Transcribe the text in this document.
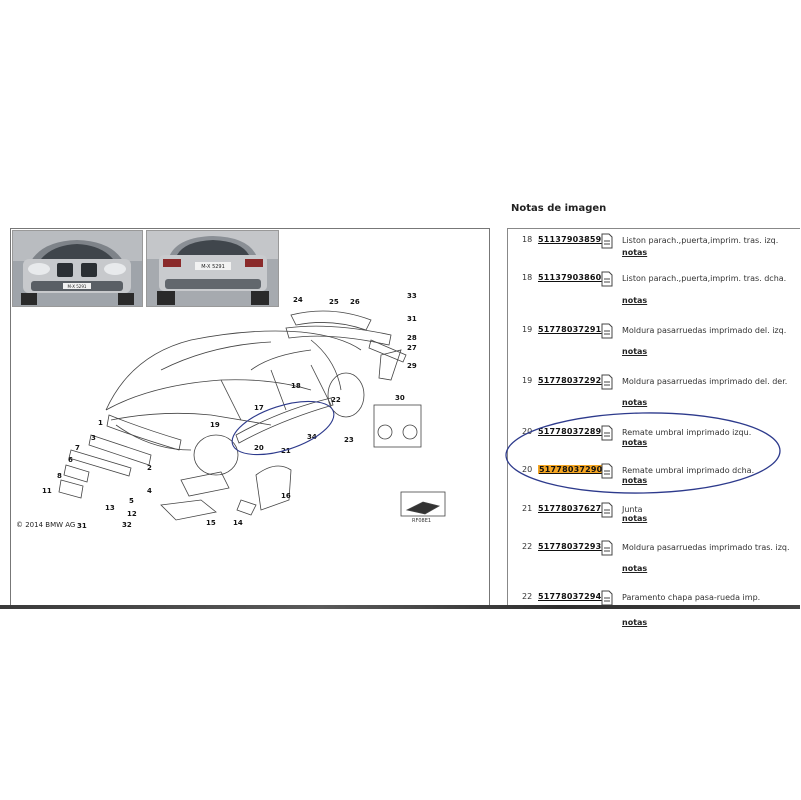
Notas de imagen
M-X 5291
M-X 5291
1
2
3
4
5
6
7
8
11
12
13
14
15
16
17
18
19
20 21
22
23
24	25 26
27
28
29
30
31
31	32
33
34
RF08E1
© 2014 BMW AG
18 51137903859	Liston parach.,puerta,imprim. tras. izq.
notas
18 51137903860	Liston parach.,puerta,imprim. tras. dcha.
notas
19 51778037291	Moldura pasarruedas imprimado del. izq.
notas
19 51778037292	Moldura pasarruedas imprimado del. der.
notas
20 51778037289	Remate umbral imprimado izqu.
notas
20 51778037290 Remate umbral imprimado dcha.
notas
21 51778037627	Junta
notas
22 51778037293	Moldura pasarruedas imprimado tras. izq.
notas
22 51778037294	Paramento chapa pasa-rueda imp.
notas
